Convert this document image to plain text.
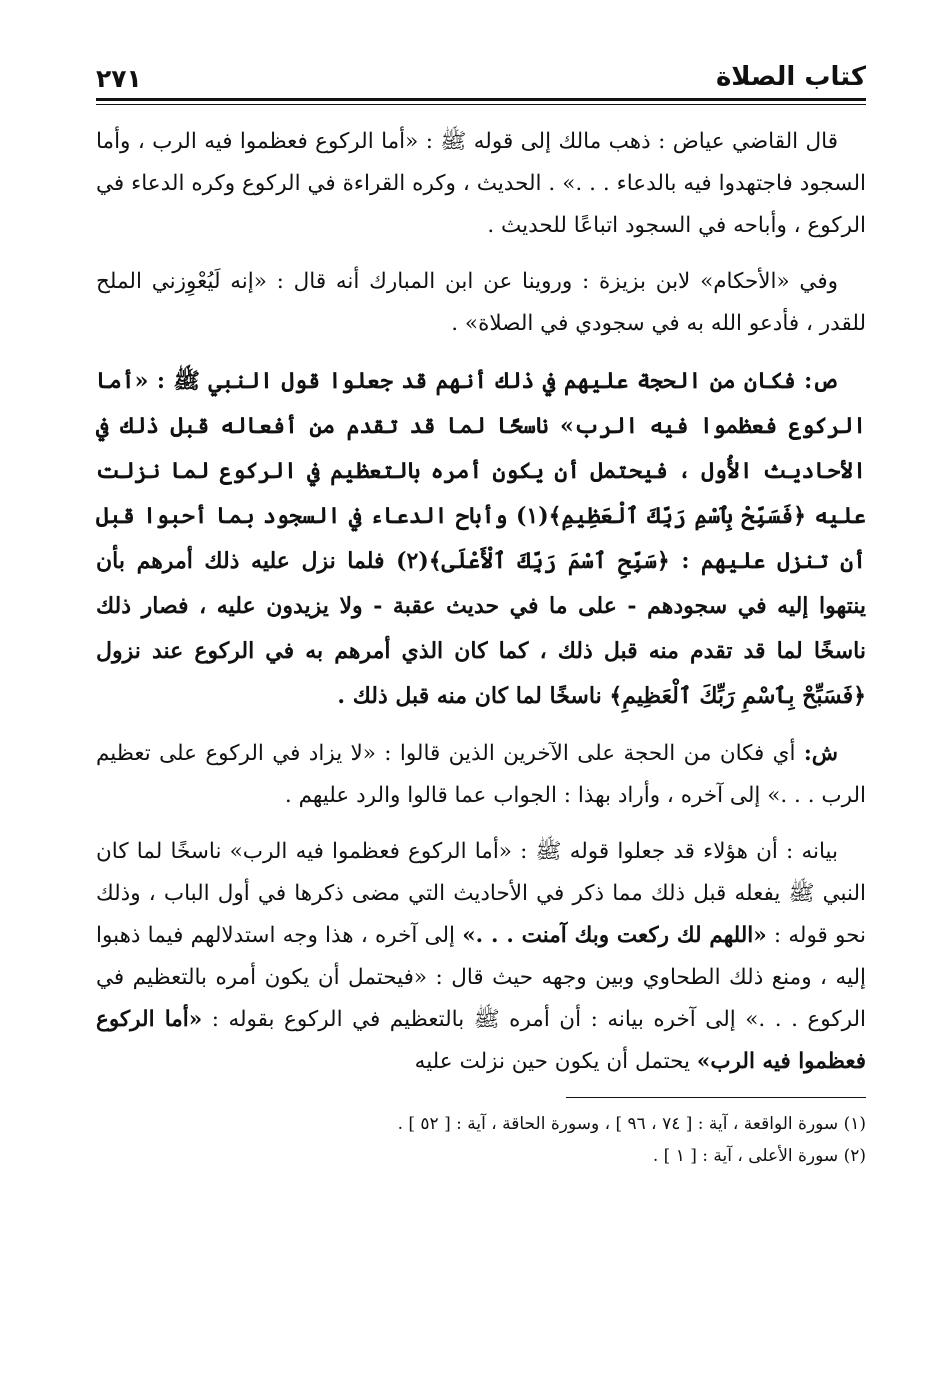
كتاب الصلاة
٢٧١

قال القاضي عياض : ذهب مالك إلى قوله ﷺ : «أما الركوع فعظموا فيه الرب ، وأما السجود فاجتهدوا فيه بالدعاء . . .» . الحديث ، وكره القراءة في الركوع وكره الدعاء في الركوع ، وأباحه في السجود اتباعًا للحديث .

وفي «الأحكام» لابن بزيزة : وروينا عن ابن المبارك أنه قال : «إنه لَيُعْوِزني الملح للقدر ، فأدعو الله به في سجودي في الصلاة» .

ص: فكان من الحجة عليهم في ذلك أنهم قد جعلوا قول النبي ﷺ : «أما الركوع فعظموا فيه الرب» ناسخًا لما قد تقدم من أفعاله قبل ذلك في الأحاديث الأُول ، فيحتمل أن يكون أمره بالتعظيم في الركوع لما نزلت عليه ﴿فَسَبِّحْ بِٱسْمِ رَبِّكَ ٱلْعَظِيمِ﴾(١) وأباح الدعاء في السجود بما أحبوا قبل أن تنزل عليهم : ﴿سَبِّحِ ٱسْمَ رَبِّكَ ٱلْأَعْلَى﴾(٢) فلما نزل عليه ذلك أمرهم بأن ينتهوا إليه في سجودهم - على ما في حديث عقبة - ولا يزيدون عليه ، فصار ذلك ناسخًا لما قد تقدم منه قبل ذلك ، كما كان الذي أمرهم به في الركوع عند نزول ﴿فَسَبِّحْ بِٱسْمِ رَبِّكَ ٱلْعَظِيمِ﴾ ناسخًا لما كان منه قبل ذلك .

ش: أي فكان من الحجة على الآخرين الذين قالوا : «لا يزاد في الركوع على تعظيم الرب . . .» إلى آخره ، وأراد بهذا : الجواب عما قالوا والرد عليهم .

بيانه : أن هؤلاء قد جعلوا قوله ﷺ : «أما الركوع فعظموا فيه الرب» ناسخًا لما كان النبي ﷺ يفعله قبل ذلك مما ذكر في الأحاديث التي مضى ذكرها في أول الباب ، وذلك نحو قوله : «اللهم لك ركعت وبك آمنت . . .» إلى آخره ، هذا وجه استدلالهم فيما ذهبوا إليه ، ومنع ذلك الطحاوي وبين وجهه حيث قال : «فيحتمل أن يكون أمره بالتعظيم في الركوع . . .» إلى آخره بيانه : أن أمره ﷺ بالتعظيم في الركوع بقوله : «أما الركوع فعظموا فيه الرب» يحتمل أن يكون حين نزلت عليه

(١) سورة الواقعة ، آية : [ ٧٤ ، ٩٦ ] ، وسورة الحاقة ، آية : [ ٥٢ ] .

(٢) سورة الأعلى ، آية : [ ١ ] .
